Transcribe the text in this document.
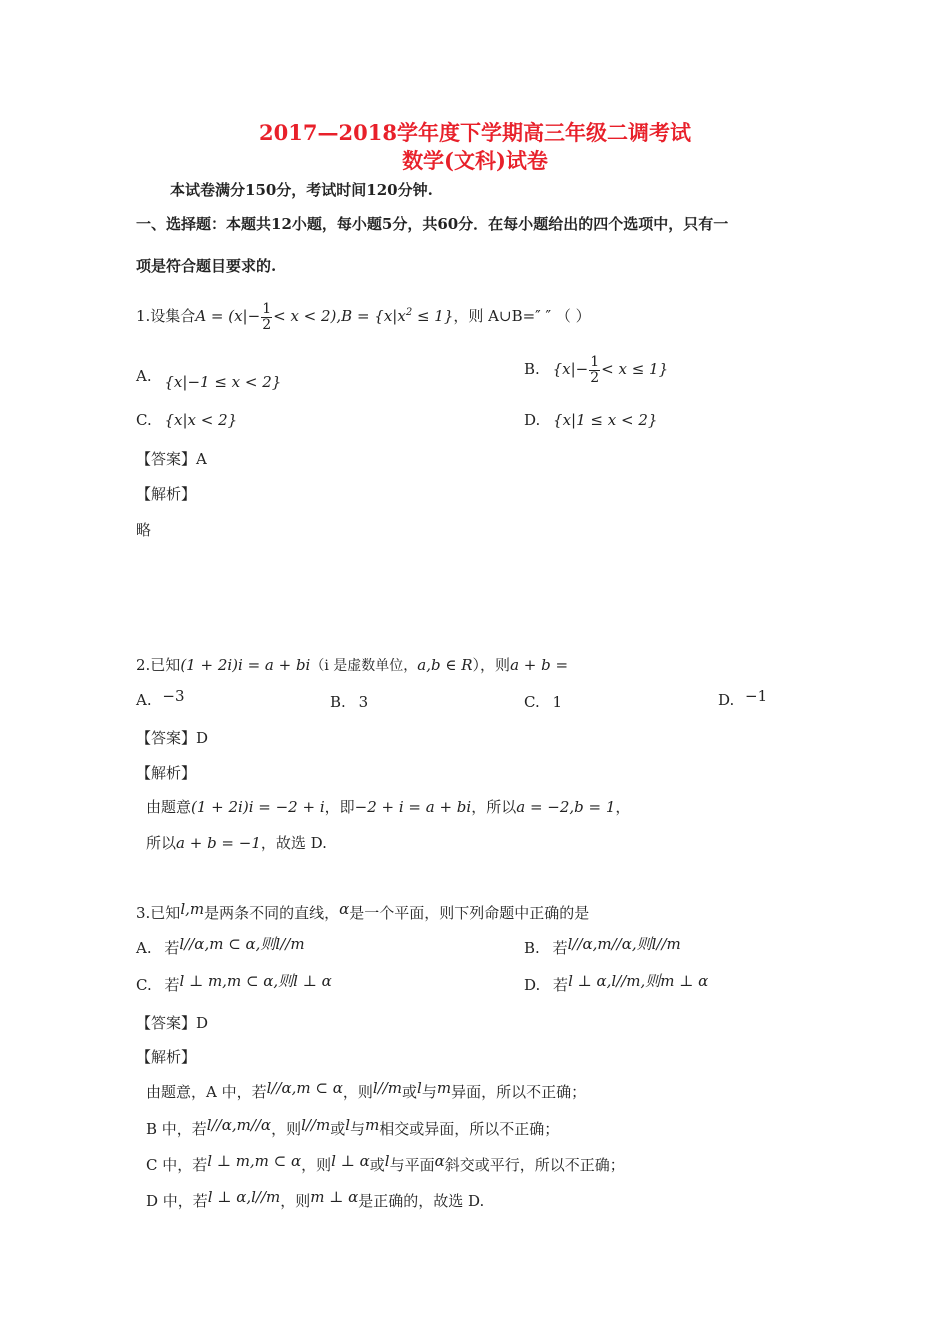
2017—2018学年度下学期高三年级二调考试
数学(文科)试卷
本试卷满分150分，考试时间120分钟.
一、选择题：本题共12小题，每小题5分，共60分．在每小题给出的四个选项中，只有一
项是符合题目要求的.
1.设集合$A = (x|- \frac{1}{2} < x < 2),B = \{x|x^2 \le 1\}$，则 A∪B=″ ″ （ ）
A. {x|−1 ≤ x < 2}
B. $\{x|- \frac{1}{2} < x \le 1\}$
C. {x|x < 2}	D. {x|1 ≤ x < 2}
【答案】A
【解析】
略
2.已知(1 + 2i)i = a + bi（i 是虚数单位，a,b ∈ R），则a + b =
A. −3	B. 3	C. 1	D. −1
【答案】D
【解析】
由题意(1 + 2i)i = −2 + i，即−2 + i = a + bi，所以a = −2,b = 1，
所以a + b = −1，故选 D.
3.已知l,m是两条不同的直线，α是一个平面，则下列命题中正确的是
A. 若l//α,m ⊂ α,则l//m	B. 若l//α,m//α,则l//m
C. 若l ⊥ m,m ⊂ α,则l ⊥ α	D. 若l ⊥ α,l//m,则m ⊥ α
【答案】D
【解析】
由题意，A 中，若l//α,m ⊂ α，则l//m或l与m异面，所以不正确；
B 中，若l//α,m//α，则l//m或l与m相交或异面，所以不正确；
C 中，若l ⊥ m,m ⊂ α，则l ⊥ α或l与平面α斜交或平行，所以不正确；
D 中，若l ⊥ α,l//m，则m ⊥ α是正确的，故选 D.
